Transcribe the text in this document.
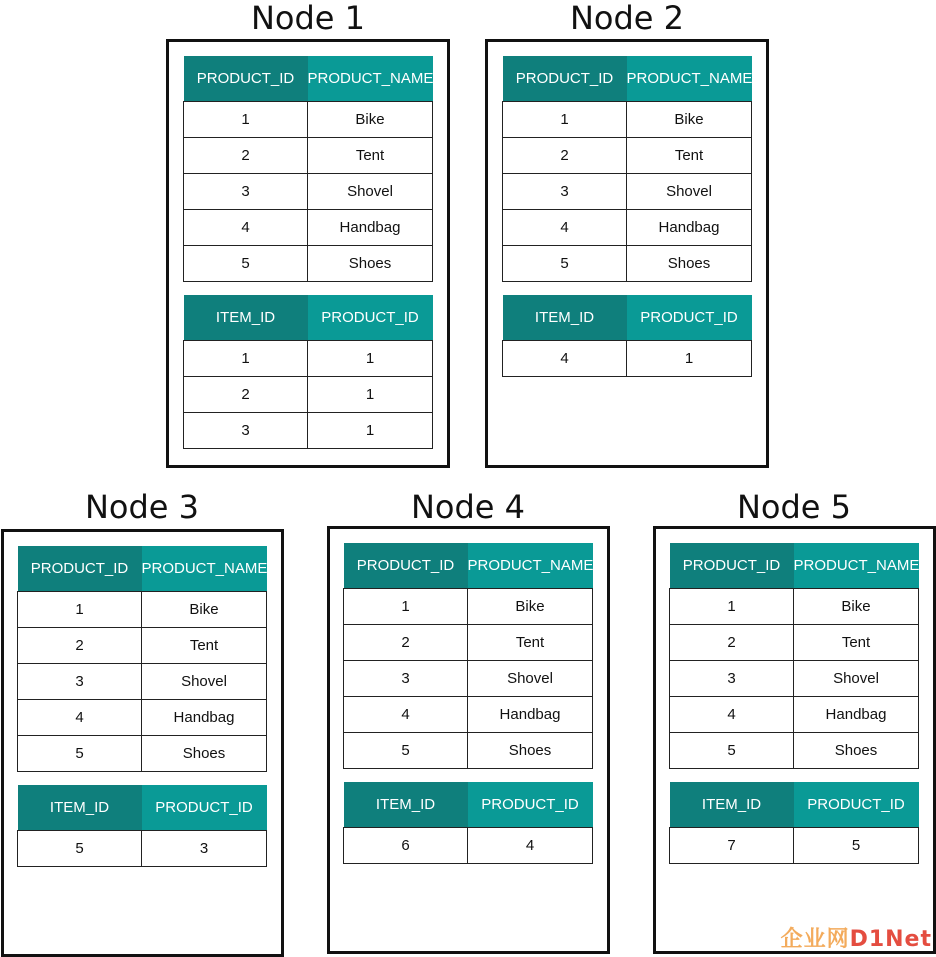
Node 1
PRODUCT_ID	PRODUCT_NAME
1	Bike
2	Tent
3	Shovel
4	Handbag
5	Shoes
ITEM_ID	PRODUCT_ID
1	1
2	1
3	1
Node 2
PRODUCT_ID	PRODUCT_NAME
1	Bike
2	Tent
3	Shovel
4	Handbag
5	Shoes
ITEM_ID	PRODUCT_ID
4	1
Node 3
PRODUCT_ID	PRODUCT_NAME
1	Bike
2	Tent
3	Shovel
4	Handbag
5	Shoes
ITEM_ID	PRODUCT_ID
5	3
Node 4
PRODUCT_ID	PRODUCT_NAME
1	Bike
2	Tent
3	Shovel
4	Handbag
5	Shoes
ITEM_ID	PRODUCT_ID
6	4
Node 5
PRODUCT_ID	PRODUCT_NAME
1	Bike
2	Tent
3	Shovel
4	Handbag
5	Shoes
ITEM_ID	PRODUCT_ID
7	5
企业网D1Net
